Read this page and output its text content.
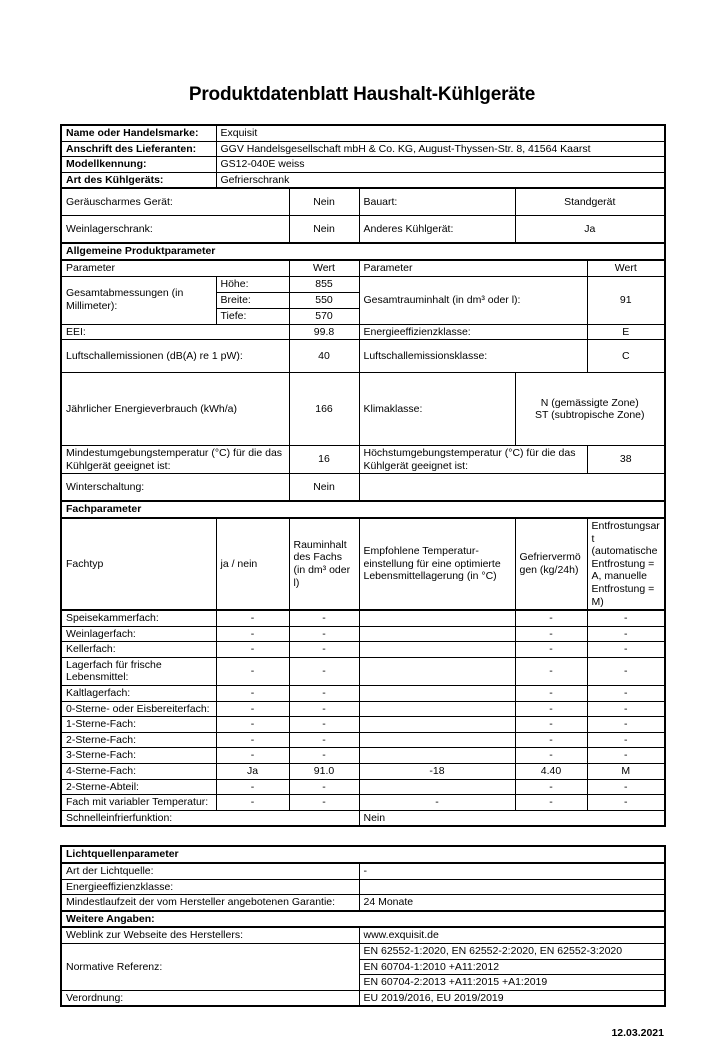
Produktdatenblatt Haushalt-Kühlgeräte
Name oder Handelsmarke:	Exquisit				
Anschrift des Lieferanten:	GGV Handelsgesellschaft mbH & Co. KG, August-Thyssen-Str. 8, 41564 Kaarst				
Modellkennung:	GS12-040E weiss				
Art des Kühlgeräts:	Gefrierschrank				
Geräuscharmes Gerät:		Nein	Bauart:	Standgerät	
Weinlagerschrank:		Nein	Anderes Kühlgerät:	Ja	
Allgemeine Produktparameter					
Parameter		Wert	Parameter		Wert
Gesamtabmessungen (in Millimeter):	Höhe:	855	Gesamtrauminhalt (in dm³ oder l):		91
	Breite:	550			
	Tiefe:	570			
EEI:		99.8	Energieeffizienzklasse:		E
Luftschallemissionen (dB(A) re 1 pW):		40	Luftschallemissionsklasse:		C
Jährlicher Energieverbrauch (kWh/a)		166	Klimaklasse:	N (gemässigte Zone)
ST (subtropische Zone)	

Mindestumgebungstemperatur (°C) für die das Kühlgerät geeignet ist:		16	Höchstumgebungstemperatur (°C) für die das Kühlgerät geeignet ist:		38
Winterschaltung:		Nein			
Fachparameter					
Fachtyp	ja / nein	Rauminhalt des Fachs (in dm³ oder l)	Empfohlene Temperatur-einstellung für eine optimierte Lebensmittellagerung (in °C)	Gefriervermögen (kg/24h)	Entfrostungsart (automatische Entfrostung = A, manuelle Entfrostung = M)
Speisekammerfach:	-	-		-	-
Weinlagerfach:	-	-		-	-
Kellerfach:	-	-		-	-
Lagerfach für frische Lebensmittel:	-	-		-	-
Kaltlagerfach:	-	-		-	-
0-Sterne- oder Eisbereiterfach:	-	-		-	-
1-Sterne-Fach:	-	-		-	-
2-Sterne-Fach:	-	-		-	-
3-Sterne-Fach:	-	-		-	-
4-Sterne-Fach:	Ja	91.0	-18	4.40	M
2-Sterne-Abteil:	-	-		-	-
Fach mit variabler Temperatur:	-	-	-	-	-
Schnelleinfrierfunktion:			Nein		
Lichtquellenparameter	
Art der Lichtquelle:	-
Energieeffizienzklasse:	
Mindestlaufzeit der vom Hersteller angebotenen Garantie:	24 Monate
Weitere Angaben:	
Weblink zur Webseite des Herstellers:	www.exquisit.de
Normative Referenz:	EN 62552-1:2020, EN 62552-2:2020, EN 62552-3:2020
	EN 60704-1:2010 +A11:2012
	EN 60704-2:2013 +A11:2015 +A1:2019
Verordnung:	EU 2019/2016, EU 2019/2019
12.03.2021
